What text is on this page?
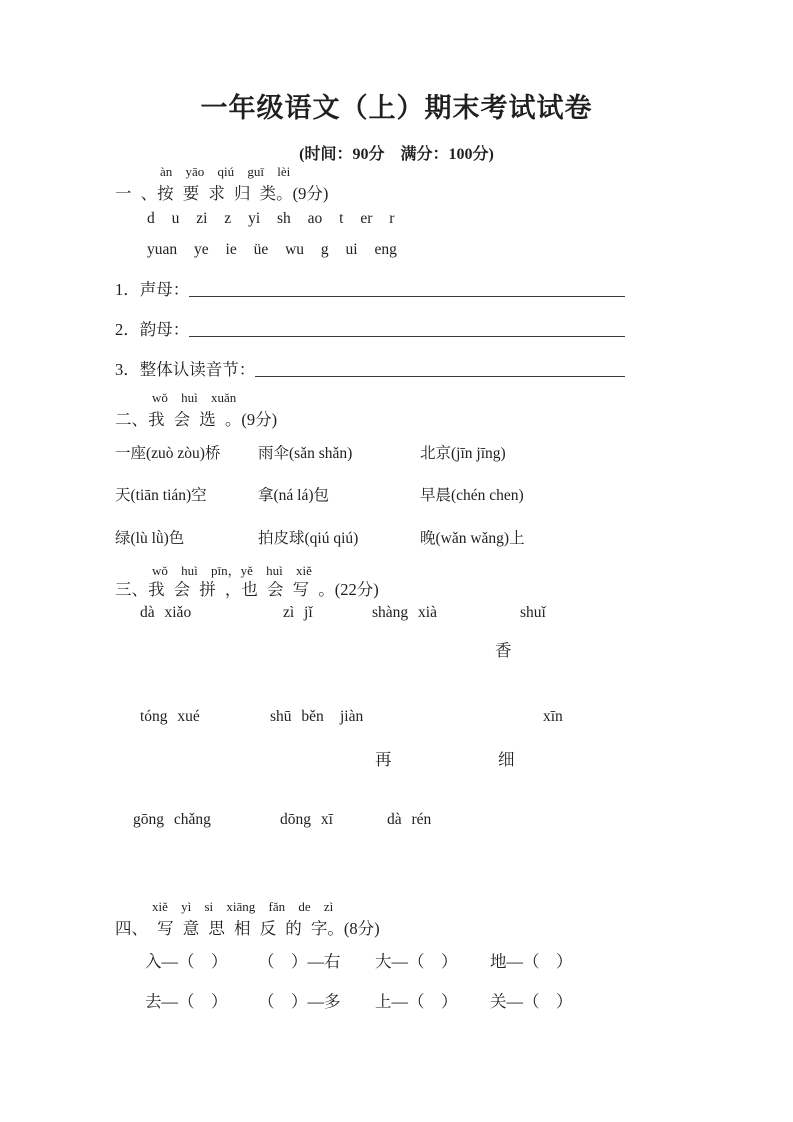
一年级语文（上）期末考试试卷
(时间：90分　满分：100分)
àn yāo qiú guī lèi
一 、按 要 求 归 类。(9分)
d u zi z yi sh ao t er r
yuan ye ie üe wu g ui eng
1．声母：
2．韵母：
3．整体认读音节：
wǒ huì xuǎn
二、我 会 选 。(9分)
一座(zuò zòu)桥 雨伞(sǎn shǎn)	北京(jīn jīng)
天(tiān tián)空	拿(ná lá)包	早晨(chén chen)
绿(lù lǜ)色	拍皮球(qiú qiú)	晚(wǎn wǎng)上
wǒ huì pīn，yě huì xiě
三、我 会 拼 ，也 会 写 。(22分)
dà xiǎo	zì jǐ	shàng xià	shuǐ
香
tóng xué	shū běn jiàn	xīn
再	细
gōng chǎng	dōng xī	dà rén
xiě yì si xiāng fǎn de zì
四、 写 意 思 相 反 的 字。(8分)
入—（　） （　）—右 大—（　） 地—（　）
去—（　） （　）—多 上—（　） 关—（　）
